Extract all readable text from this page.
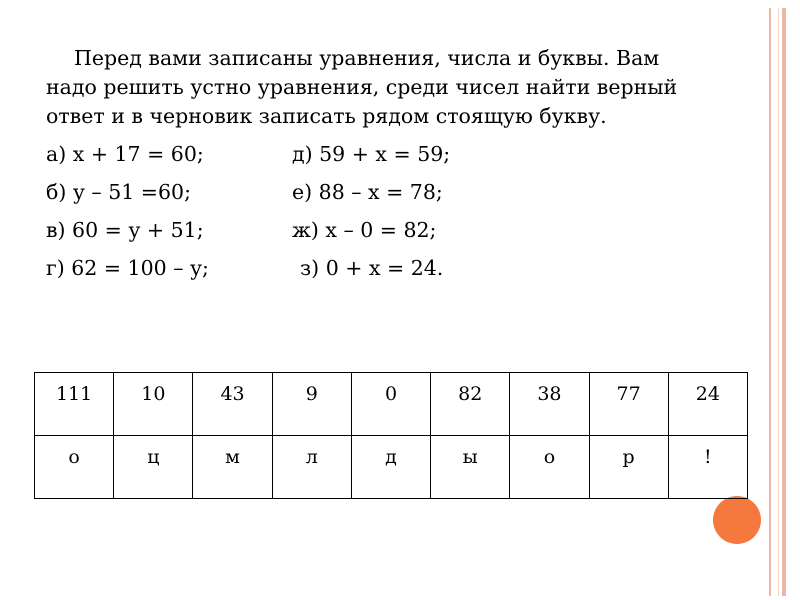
Перед вами записаны уравнения, числа и буквы. Вам надо решить устно уравнения, среди чисел найти верный ответ и в черновик записать рядом стоящую букву.

а) х + 17 = 60;	д) 59 + х = 59;
б) у – 51 =60;	е) 88 – х = 78;
в) 60 = у + 51;	ж) х – 0 = 82;
г) 62 = 100 – у;	з) 0 + х = 24.
111	10	43	9	0	82	38	77	24
о	ц	м	л	д	ы	о	р	!
